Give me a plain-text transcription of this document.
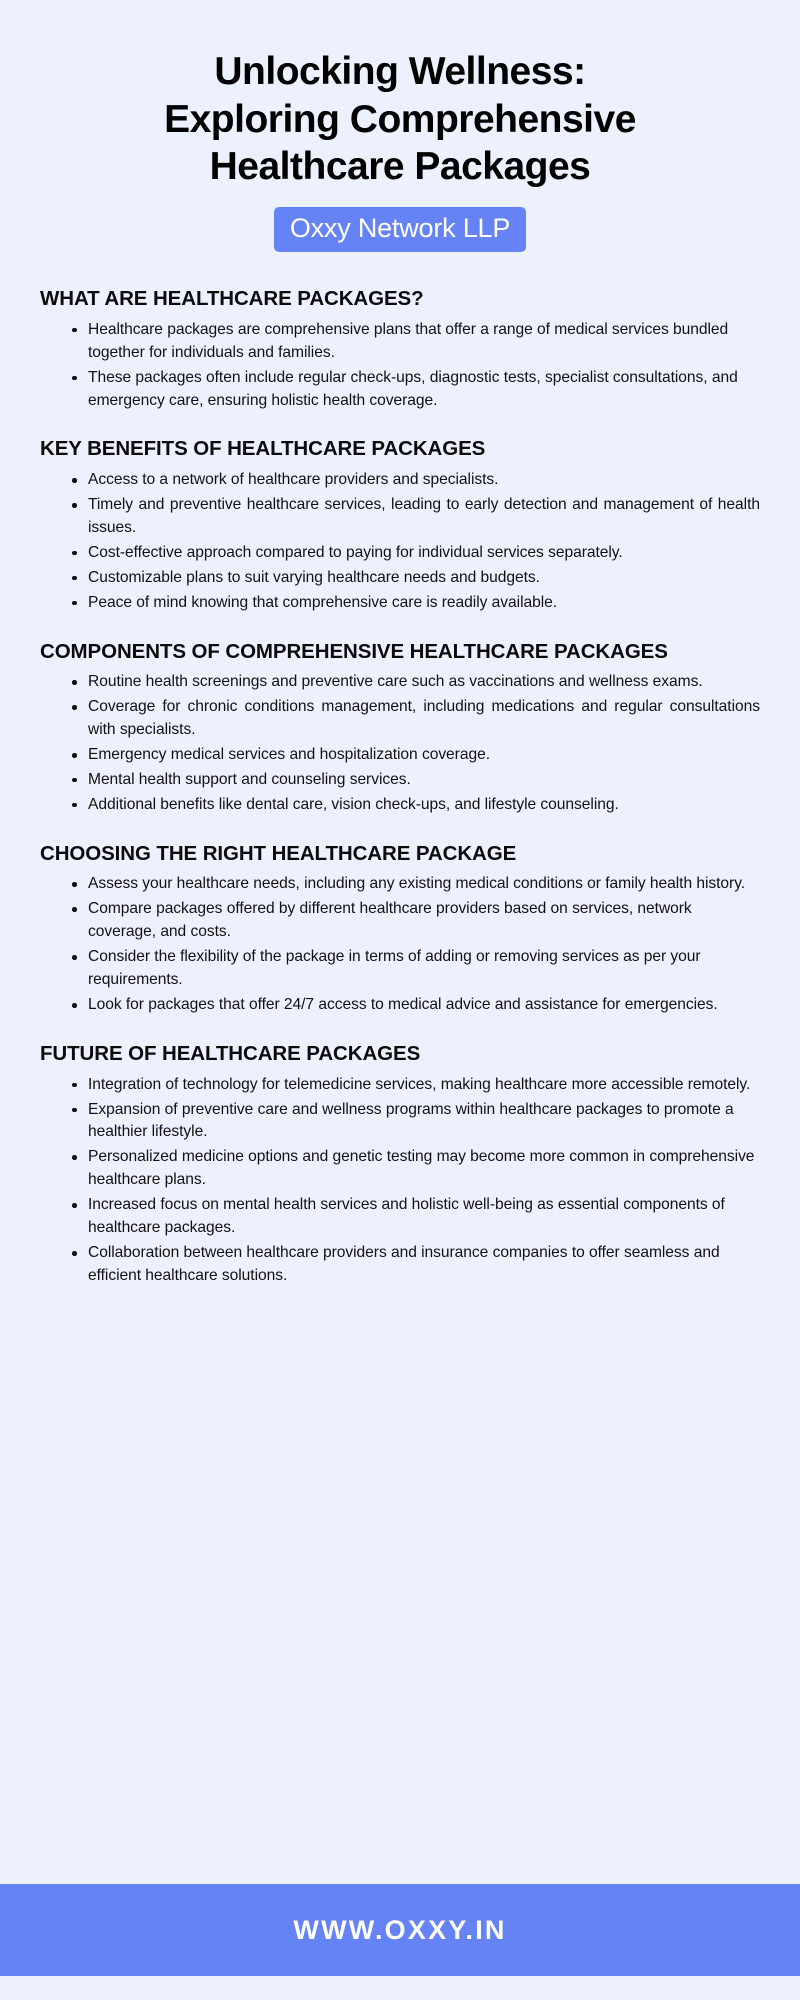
Unlocking Wellness:
Exploring Comprehensive
Healthcare Packages
Oxxy Network LLP
WHAT ARE HEALTHCARE PACKAGES?
Healthcare packages are comprehensive plans that offer a range of medical services bundled together for individuals and families.
These packages often include regular check-ups, diagnostic tests, specialist consultations, and emergency care, ensuring holistic health coverage.
KEY BENEFITS OF HEALTHCARE PACKAGES
Access to a network of healthcare providers and specialists.
Timely and preventive healthcare services, leading to early detection and management of health issues.
Cost-effective approach compared to paying for individual services separately.
Customizable plans to suit varying healthcare needs and budgets.
Peace of mind knowing that comprehensive care is readily available.
COMPONENTS OF COMPREHENSIVE HEALTHCARE PACKAGES
Routine health screenings and preventive care such as vaccinations and wellness exams.
Coverage for chronic conditions management, including medications and regular consultations with specialists.
Emergency medical services and hospitalization coverage.
Mental health support and counseling services.
Additional benefits like dental care, vision check-ups, and lifestyle counseling.
CHOOSING THE RIGHT HEALTHCARE PACKAGE
Assess your healthcare needs, including any existing medical conditions or family health history.
Compare packages offered by different healthcare providers based on services, network coverage, and costs.
Consider the flexibility of the package in terms of adding or removing services as per your requirements.
Look for packages that offer 24/7 access to medical advice and assistance for emergencies.
FUTURE OF HEALTHCARE PACKAGES
Integration of technology for telemedicine services, making healthcare more accessible remotely.
Expansion of preventive care and wellness programs within healthcare packages to promote a healthier lifestyle.
Personalized medicine options and genetic testing may become more common in comprehensive healthcare plans.
Increased focus on mental health services and holistic well-being as essential components of healthcare packages.
Collaboration between healthcare providers and insurance companies to offer seamless and efficient healthcare solutions.
WWW.OXXY.IN
